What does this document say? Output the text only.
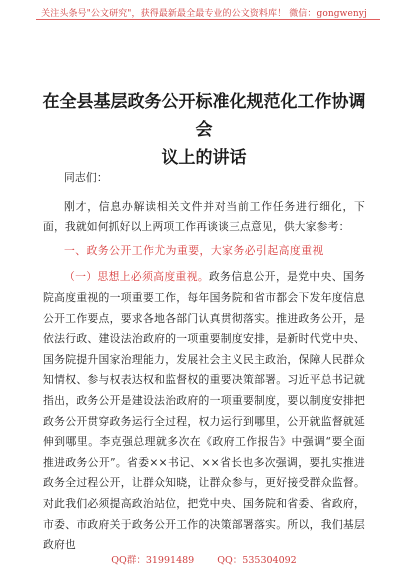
关注头条号"公文研究"，获得最新最全最专业的公文资料库！ 微信：gongwenyj
在全县基层政务公开标准化规范化工作协调会
议上的讲话

同志们：

刚才，信息办解读相关文件并对当前工作任务进行细化，下面，我就如何抓好以上两项工作再谈谈三点意见，供大家参考：

一、政务公开工作尤为重要，大家务必引起高度重视

（一）思想上必须高度重视。政务信息公开，是党中央、国务院高度重视的一项重要工作，每年国务院和省市都会下发年度信息公开工作要点，要求各地各部门认真贯彻落实。推进政务公开，是依法行政、建设法治政府的一项重要制度安排，是新时代党中央、国务院提升国家治理能力，发展社会主义民主政治，保障人民群众知情权、参与权表达权和监督权的重要决策部署。习近平总书记就指出，政务公开是建设法治政府的一项重要制度，要以制度安排把政务公开贯穿政务运行全过程，权力运行到哪里，公开就监督就延伸到哪里。李克强总理就多次在《政府工作报告》中强调“要全面推进政务公开”。省委××书记、××省长也多次强调，要扎实推进政务全过程公开，让群众知晓，让群众参与，更好接受群众监督。对此我们必须提高政治站位，把党中央、国务院和省委、省政府，市委、市政府关于政务公开工作的决策部署落实。所以，我们基层政府也

QQ群：31991489 QQ：535304092
